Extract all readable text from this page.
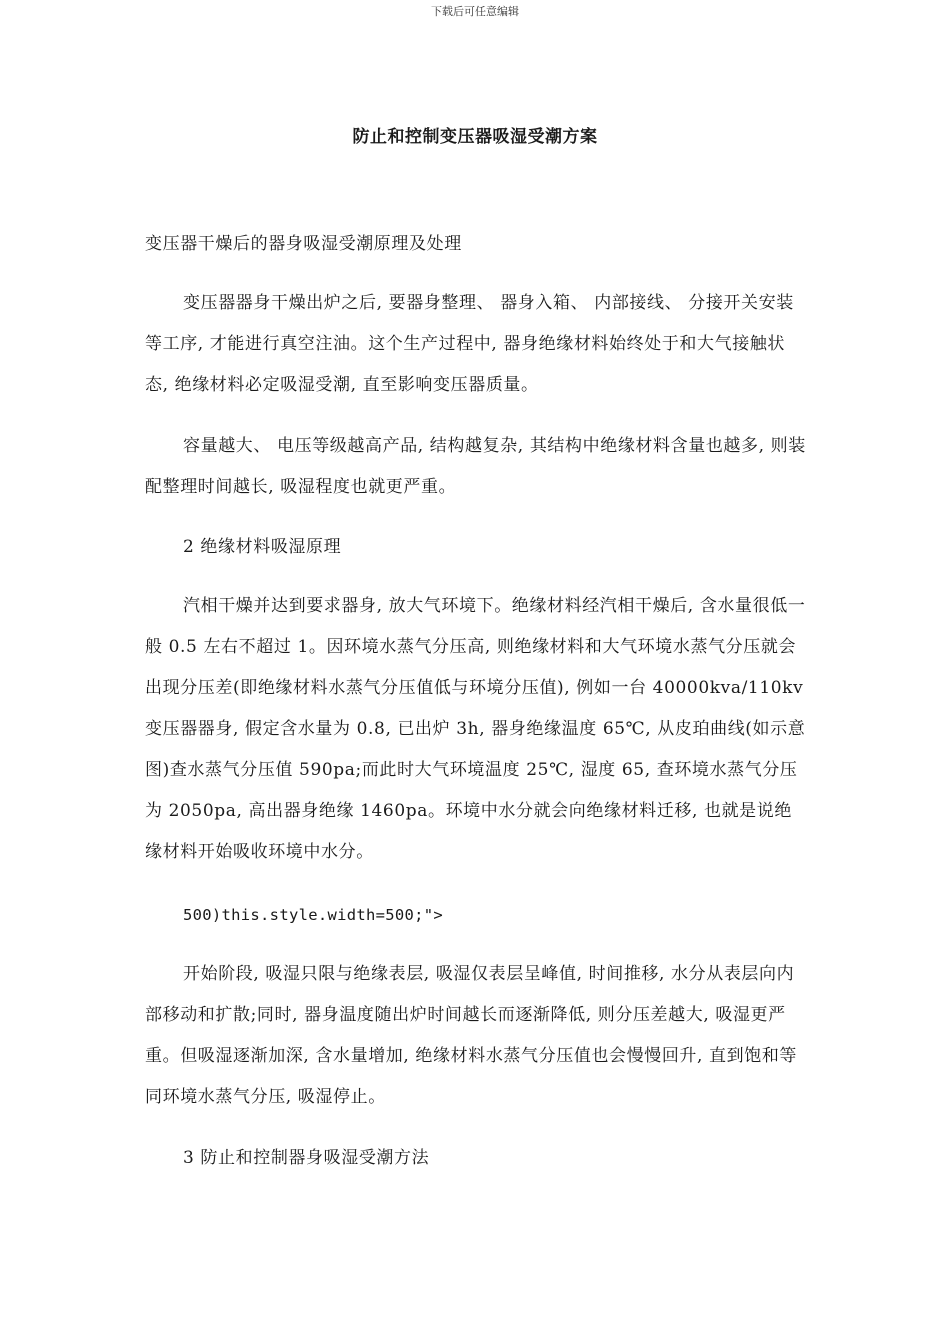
下载后可任意编辑
防止和控制变压器吸湿受潮方案

变压器干燥后的器身吸湿受潮原理及处理

变压器器身干燥出炉之后, 要器身整理、 器身入箱、 内部接线、 分接开关安装等工序, 才能进行真空注油。这个生产过程中, 器身绝缘材料始终处于和大气接触状态, 绝缘材料必定吸湿受潮, 直至影响变压器质量。

容量越大、 电压等级越高产品, 结构越复杂, 其结构中绝缘材料含量也越多, 则装配整理时间越长, 吸湿程度也就更严重。

2 绝缘材料吸湿原理

汽相干燥并达到要求器身, 放大气环境下。绝缘材料经汽相干燥后, 含水量很低一般 0.5 左右不超过 1。因环境水蒸气分压高, 则绝缘材料和大气环境水蒸气分压就会出现分压差(即绝缘材料水蒸气分压值低与环境分压值), 例如一台 40000kva/110kv 变压器器身, 假定含水量为 0.8, 已出炉 3h, 器身绝缘温度 65℃, 从皮珀曲线(如示意图)查水蒸气分压值 590pa;而此时大气环境温度 25℃, 湿度 65, 查环境水蒸气分压为 2050pa, 高出器身绝缘 1460pa。环境中水分就会向绝缘材料迁移, 也就是说绝缘材料开始吸收环境中水分。

500)this.style.width=500;">

开始阶段, 吸湿只限与绝缘表层, 吸湿仅表层呈峰值, 时间推移, 水分从表层向内部移动和扩散;同时, 器身温度随出炉时间越长而逐渐降低, 则分压差越大, 吸湿更严重。但吸湿逐渐加深, 含水量增加, 绝缘材料水蒸气分压值也会慢慢回升, 直到饱和等同环境水蒸气分压, 吸湿停止。

3 防止和控制器身吸湿受潮方法
